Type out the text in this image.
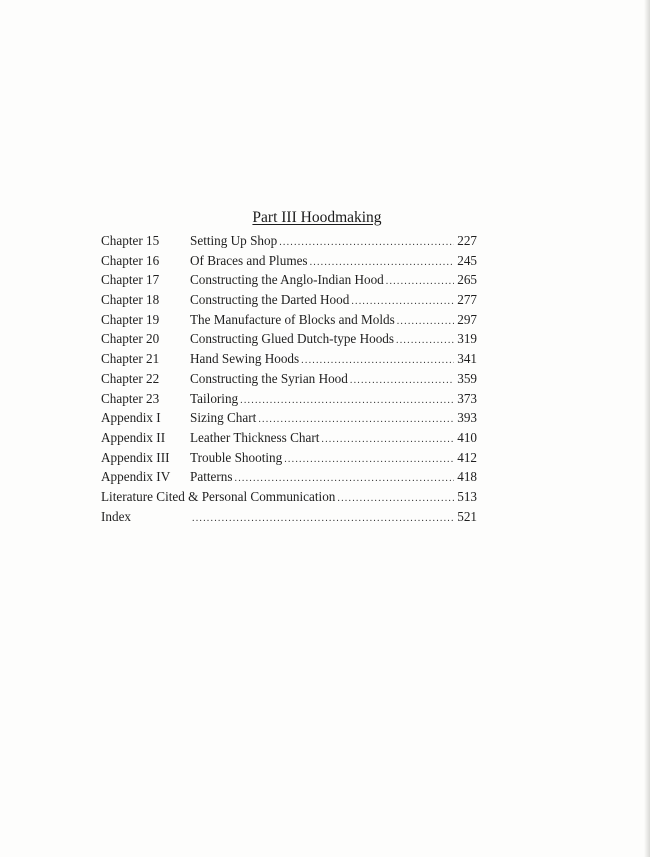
Part III Hoodmaking
Chapter 15 Setting Up Shop .....	227
Chapter 16 Of Braces and Plumes .....	245
Chapter 17 Constructing the Anglo-Indian Hood .....	265
Chapter 18 Constructing the Darted Hood .....	277
Chapter 19 The Manufacture of Blocks and Molds .....	297
Chapter 20 Constructing Glued Dutch-type Hoods .....	319
Chapter 21 Hand Sewing Hoods .....	341
Chapter 22 Constructing the Syrian Hood .....	359
Chapter 23 Tailoring .....	373
Appendix I Sizing Chart .....	393
Appendix II Leather Thickness Chart .....	410
Appendix III Trouble Shooting .....	412
Appendix IV Patterns .....	418
Literature Cited & Personal Communication .....	513
Index .....	521
